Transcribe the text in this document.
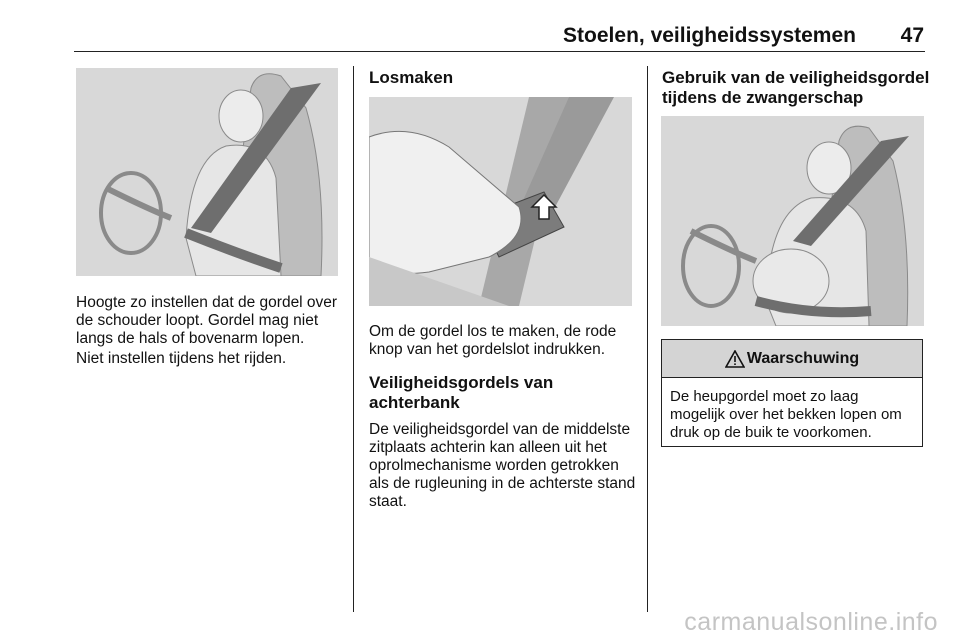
Stoelen, veiligheidssystemen 47

Hoogte zo instellen dat de gordel over de schouder loopt. Gordel mag niet langs de hals of bovenarm lopen.

Niet instellen tijdens het rijden.

Losmaken

Om de gordel los te maken, de rode knop van het gordelslot indrukken.

Veiligheidsgordels van achterbank

De veiligheidsgordel van de middelste zitplaats achterin kan alleen uit het oprolmechanisme worden getrokken als de rugleuning in de achterste stand staat.

Gebruik van de veiligheidsgordel tijdens de zwangerschap
Waarschuwing

De heupgordel moet zo laag mogelijk over het bekken lopen om druk op de buik te voorkomen.

carmanualsonline.info
